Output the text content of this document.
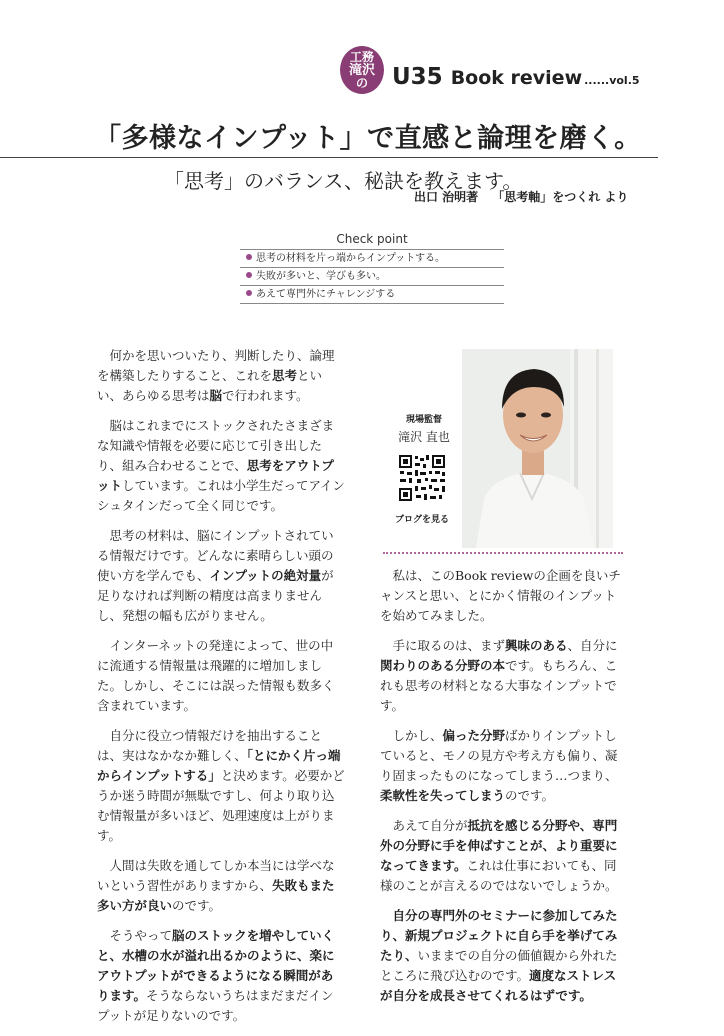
工務
滝沢
の U35 Book review ......vol.5
「多様なインプット」で直感と論理を磨く。
「思考」のバランス、秘訣を教えます。
出口 治明著 「思考軸」をつくれ より
Check point
思考の材料を片っ端からインプットする。
失敗が多いと、学びも多い。
あえて専門外にチャレンジする
現場監督
滝沢 直也
ブログを見る

何かを思いついたり、判断したり、論理を構築したりすること、これを思考といい、あらゆる思考は脳で行われます。

脳はこれまでにストックされたさまざまな知識や情報を必要に応じて引き出したり、組み合わせることで、思考をアウトプットしています。これは小学生だってアインシュタインだって全く同じです。

思考の材料は、脳にインプットされている情報だけです。どんなに素晴らしい頭の使い方を学んでも、インプットの絶対量が足りなければ判断の精度は高まりませんし、発想の幅も広がりません。

インターネットの発達によって、世の中に流通する情報量は飛躍的に増加しました。しかし、そこには誤った情報も数多く含まれています。

自分に役立つ情報だけを抽出することは、実はなかなか難しく、「とにかく片っ端からインプットする」と決めます。必要かどうか迷う時間が無駄ですし、何より取り込む情報量が多いほど、処理速度は上がります。

人間は失敗を通してしか本当には学べないという習性がありますから、失敗もまた多い方が良いのです。

そうやって脳のストックを増やしていくと、水槽の水が溢れ出るかのように、楽にアウトプットができるようになる瞬間があります。そうならないうちはまだまだインプットが足りないのです。

私は、このBook reviewの企画を良いチャンスと思い、とにかく情報のインプットを始めてみました。

手に取るのは、まず興味のある、自分に関わりのある分野の本です。もちろん、これも思考の材料となる大事なインプットです。

しかし、偏った分野ばかりインプットしていると、モノの見方や考え方も偏り、凝り固まったものになってしまう…つまり、柔軟性を失ってしまうのです。

あえて自分が抵抗を感じる分野や、専門外の分野に手を伸ばすことが、より重要になってきます。これは仕事においても、同様のことが言えるのではないでしょうか。

自分の専門外のセミナーに参加してみたり、新規プロジェクトに自ら手を挙げてみたり、いままでの自分の価値観から外れたところに飛び込むのです。適度なストレスが自分を成長させてくれるはずです。
